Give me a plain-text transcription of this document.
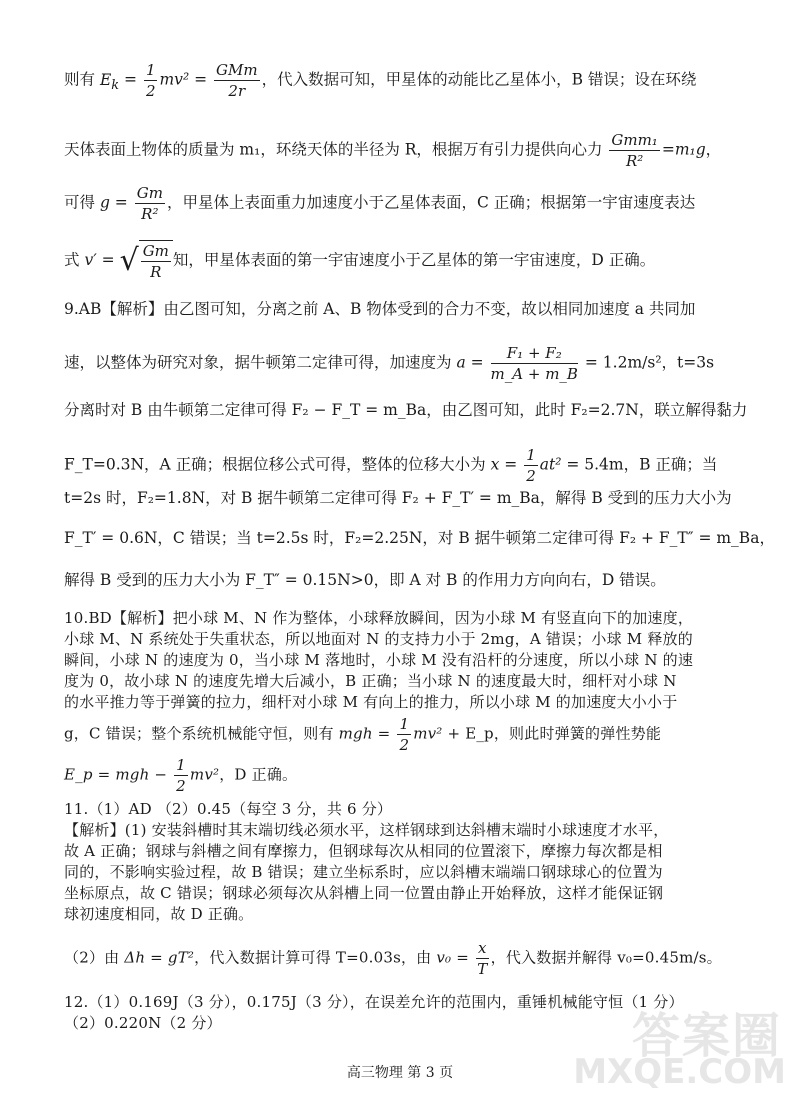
则有 $E_k = \frac{1}{2} mv^2 = \frac{\text{GMm}}{2r}$ ，代入数据可知，甲星体的动能比乙星体小，B 错误；设在环绕
天体表面上物体的质量为 m₁，环绕天体的半径为 R，根据万有引力提供向心力 $\frac{\text{Gmm₁}}{\text{R²}} =m_1g$，
可得 $g = \frac{Gm}{\text{R²}}$ ，甲星体上表面重力加速度小于乙星体表面，C 正确；根据第一宇宙速度表达
式 v′ = √ $\frac{Gm}{R}$ 知，甲星体表面的第一宇宙速度小于乙星体的第一宇宙速度，D 正确。
9.AB【解析】由乙图可知，分离之前 A、B 物体受到的合力不变，故以相同加速度 a 共同加
速，以整体为研究对象，据牛顿第二定律可得，加速度为 $a = \frac{\text{F₁ + F₂}}{m\_A + m\_B} = 1.2m/s^2$，t=3s
分离时对 B 由牛顿第二定律可得 F₂ − F_T = m_Ba，由乙图可知，此时 F₂=2.7N，联立解得黏力
F_T=0.3N，A 正确；根据位移公式可得，整体的位移大小为 $x = \frac{1}{2} at^2 = 5.4m$，B 正确；当
t=2s 时，F₂=1.8N，对 B 据牛顿第二定律可得 F₂ + F_T′ = m_Ba，解得 B 受到的压力大小为
F_T′ = 0.6N，C 错误；当 t=2.5s 时，F₂=2.25N，对 B 据牛顿第二定律可得 F₂ + F_T″ = m_Ba，
解得 B 受到的压力大小为 F_T″ = 0.15N>0，即 A 对 B 的作用力方向向右，D 错误。
10.BD【解析】把小球 M、N 作为整体，小球释放瞬间，因为小球 M 有竖直向下的加速度，
小球 M、N 系统处于失重状态，所以地面对 N 的支持力小于 2mg，A 错误；小球 M 释放的
瞬间，小球 N 的速度为 0，当小球 M 落地时，小球 M 没有沿杆的分速度，所以小球 N 的速
度为 0，故小球 N 的速度先增大后减小，B 正确；当小球 N 的速度最大时，细杆对小球 N
的水平推力等于弹簧的拉力，细杆对小球 M 有向上的推力，所以小球 M 的加速度大小小于
g，C 错误；整个系统机械能守恒，则有 mgh = $\frac{1}{2} mv^2$ + E_p，则此时弹簧的弹性势能
E_p = mgh − $\frac{1}{2} mv^2$，D 正确。
11.（1）AD （2）0.45（每空 3 分，共 6 分）
【解析】(1) 安装斜槽时其末端切线必须水平，这样钢球到达斜槽末端时小球速度才水平，
故 A 正确；钢球与斜槽之间有摩擦力，但钢球每次从相同的位置滚下，摩擦力每次都是相
同的，不影响实验过程，故 B 错误；建立坐标系时，应以斜槽末端端口钢球球心的位置为
坐标原点，故 C 错误；钢球必须每次从斜槽上同一位置由静止开始释放，这样才能保证钢
球初速度相同，故 D 正确。
（2）由 Δh = gT²，代入数据计算可得 T=0.03s，由 $v_0 = \frac{x}{T}$ ，代入数据并解得 v₀=0.45m/s。
12.（1）0.169J（3 分），0.175J（3 分），在误差允许的范围内，重锤机械能守恒（1 分）
（2）0.220N（2 分）
高三物理 第 3 页
答案圈
MXQE.COM
